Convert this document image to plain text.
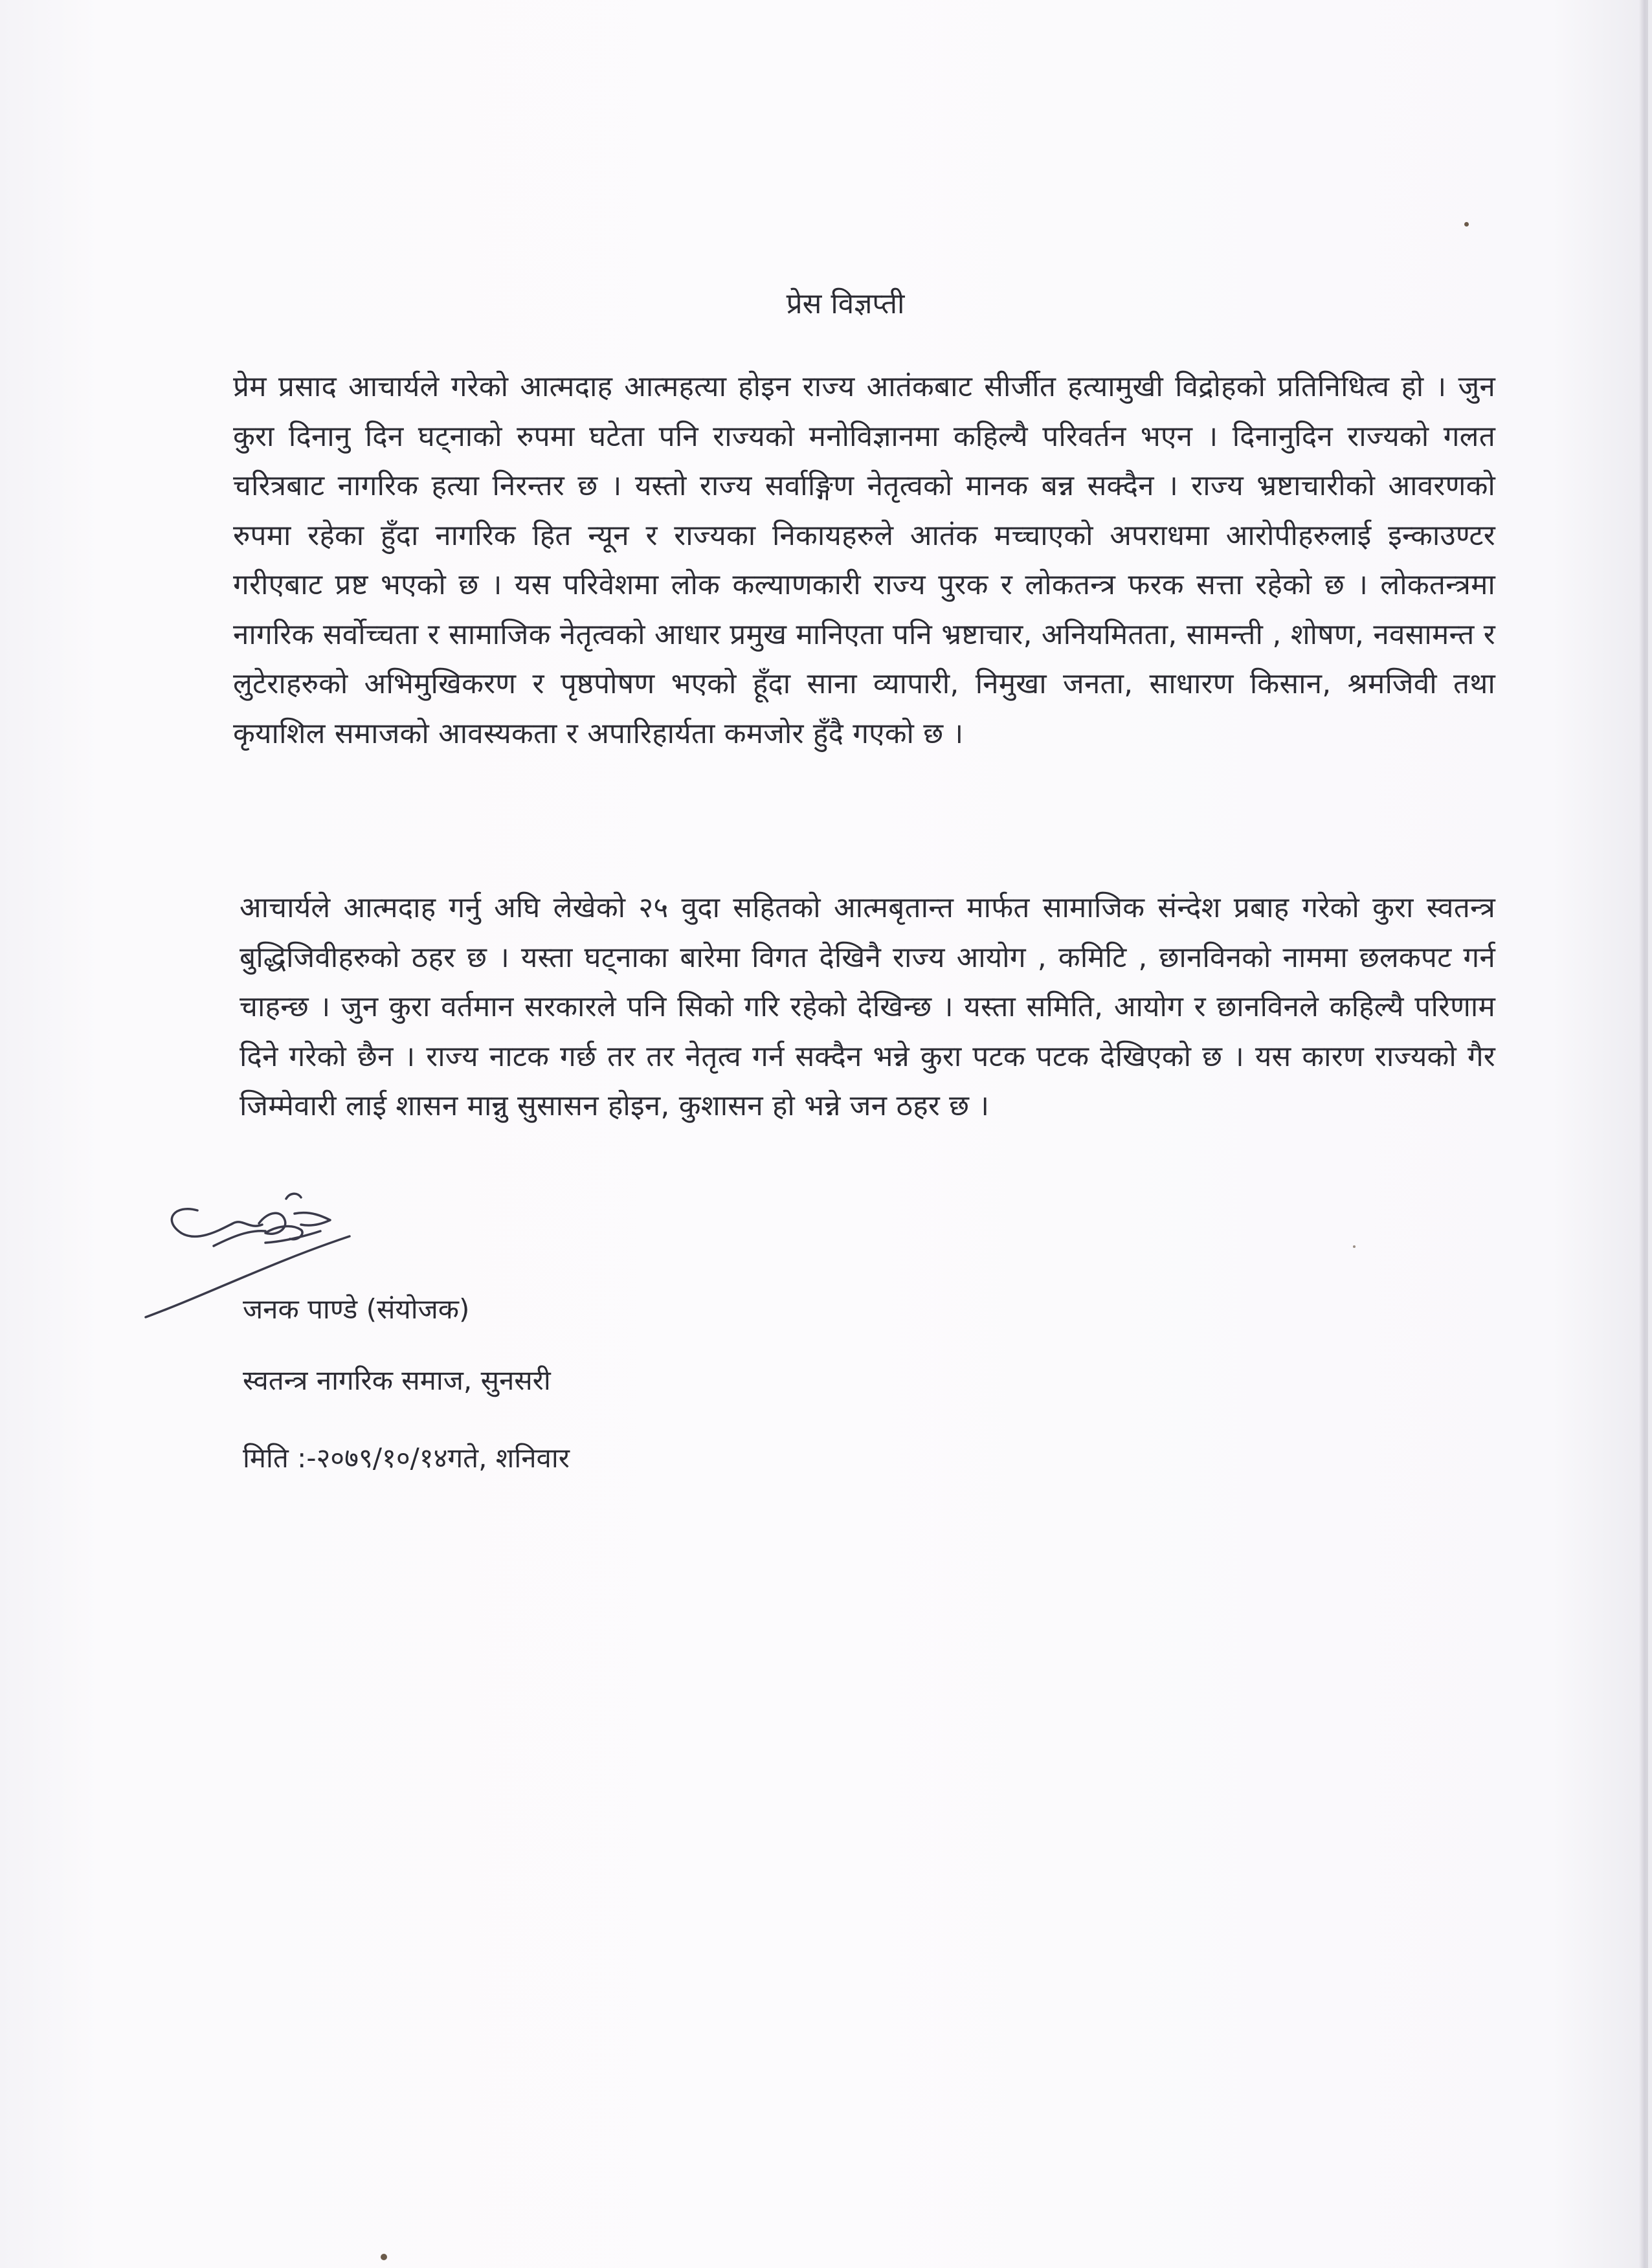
प्रेस विज्ञप्ती

प्रेम प्रसाद आचार्यले गरेको आत्मदाह आत्महत्या होइन राज्य आतंकबाट सीर्जीत हत्यामुखी विद्रोहको प्रतिनिधित्व हो । जुन कुरा दिनानु दिन घट्नाको रुपमा घटेता पनि राज्यको मनोविज्ञानमा कहिल्यै परिवर्तन भएन । दिनानुदिन राज्यको गलत चरित्रबाट नागरिक हत्या निरन्तर छ । यस्तो राज्य सर्वाङ्गिण नेतृत्वको मानक बन्न सक्दैन । राज्य भ्रष्टाचारीको आवरणको रुपमा रहेका हुँदा नागरिक हित न्यून र राज्यका निकायहरुले आतंक मच्चाएको अपराधमा आरोपीहरुलाई इन्काउण्टर गरीएबाट प्रष्ट भएको छ । यस परिवेशमा लोक कल्याणकारी राज्य पुरक र लोकतन्त्र फरक सत्ता रहेको छ । लोकतन्त्रमा नागरिक सर्वोच्चता र सामाजिक नेतृत्वको आधार प्रमुख मानिएता पनि भ्रष्टाचार, अनियमितता, सामन्ती , शोषण, नवसामन्त र लुटेराहरुको अभिमुखिकरण र पृष्ठपोषण भएको हूँदा साना व्यापारी, निमुखा जनता, साधारण किसान, श्रमजिवी तथा कृयाशिल समाजको आवस्यकता र अपारिहार्यता कमजोर हुँदै गएको छ ।

आचार्यले आत्मदाह गर्नु अघि लेखेको २५ वुदा सहितको आत्मबृतान्त मार्फत सामाजिक संन्देश प्रबाह गरेको कुरा स्वतन्त्र बुद्धिजिवीहरुको ठहर छ । यस्ता घट्नाका बारेमा विगत देखिनै राज्य आयोग , कमिटि , छानविनको नाममा छलकपट गर्न चाहन्छ । जुन कुरा वर्तमान सरकारले पनि सिको गरि रहेको देखिन्छ । यस्ता समिति, आयोग र छानविनले कहिल्यै परिणाम दिने गरेको छैन । राज्य नाटक गर्छ तर तर नेतृत्व गर्न सक्दैन भन्ने कुरा पटक पटक देखिएको छ । यस कारण राज्यको गैर जिम्मेवारी लाई शासन मान्नु सुसासन होइन, कुशासन हो भन्ने जन ठहर छ ।

जनक पाण्डे (संयोजक)

स्वतन्त्र नागरिक समाज, सुनसरी

मिति :-२०७९/१०/१४गते, शनिवार
